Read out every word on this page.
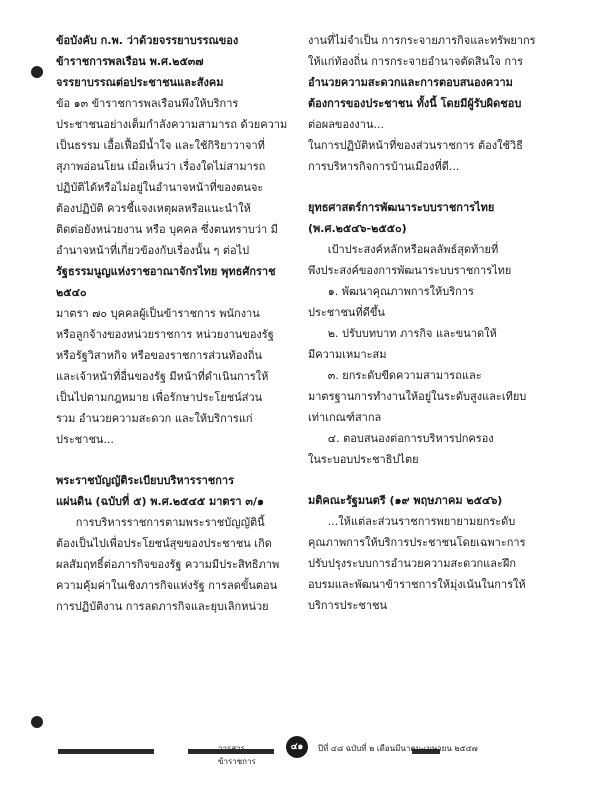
ข้อบังคับ ก.พ. ว่าด้วยจรรยาบรรณของ

ข้าราชการพลเรือน พ.ศ.๒๕๓๗

จรรยาบรรณต่อประชาชนและสังคม

ข้อ ๑๓ ข้าราชการพลเรือนพึงให้บริการ

ประชาชนอย่างเต็มกำลังความสามารถ ด้วยความ

เป็นธรรม เอื้อเฟื้อมีน้ำใจ และใช้กิริยาวาจาที่

สุภาพอ่อนโยน เมื่อเห็นว่า เรื่องใดไม่สามารถ

ปฏิบัติได้หรือไม่อยู่ในอำนาจหน้าที่ของตนจะ

ต้องปฏิบัติ ควรชี้แจงเหตุผลหรือแนะนำให้

ติดต่อยังหน่วยงาน หรือ บุคคล ซึ่งตนทราบว่า มี

อำนาจหน้าที่เกี่ยวข้องกับเรื่องนั้น ๆ ต่อไป

รัฐธรรมนูญแห่งราชอาณาจักรไทย พุทธศักราช

๒๕๔๐

มาตรา ๗๐ บุคคลผู้เป็นข้าราชการ พนักงาน

หรือลูกจ้างของหน่วยราชการ หน่วยงานของรัฐ

หรือรัฐวิสาหกิจ หรือของราชการส่วนท้องถิ่น

และเจ้าหน้าที่อื่นของรัฐ มีหน้าที่ดำเนินการให้

เป็นไปตามกฎหมาย เพื่อรักษาประโยชน์ส่วน

รวม อำนวยความสะดวก และให้บริการแก่

ประชาชน...

พระราชบัญญัติระเบียบบริหารราชการ

แผ่นดิน (ฉบับที่ ๕) พ.ศ.๒๕๔๕ มาตรา ๓/๑

การบริหารราชการตามพระราชบัญญัตินี้

ต้องเป็นไปเพื่อประโยชน์สุขของประชาชน เกิด

ผลสัมฤทธิ์ต่อภารกิจของรัฐ ความมีประสิทธิภาพ

ความคุ้มค่าในเชิงภารกิจแห่งรัฐ การลดขั้นตอน

การปฏิบัติงาน การลดภารกิจและยุบเลิกหน่วย

งานที่ไม่จำเป็น การกระจายภารกิจและทรัพยากร

ให้แก่ท้องถิ่น การกระจายอำนาจตัดสินใจ การ

อำนวยความสะดวกและการตอบสนองความ

ต้องการของประชาชน ทั้งนี้ โดยมีผู้รับผิดชอบ

ต่อผลของงาน...

ในการปฏิบัติหน้าที่ของส่วนราชการ ต้องใช้วิธี

การบริหารกิจการบ้านเมืองที่ดี...

ยุทธศาสตร์การพัฒนาระบบราชการไทย

(พ.ศ.๒๕๔๖-๒๕๕๐)

เป้าประสงค์หลักหรือผลลัพธ์สุดท้ายที่

พึงประสงค์ของการพัฒนาระบบราชการไทย

๑. พัฒนาคุณภาพการให้บริการ

ประชาชนที่ดีขึ้น

๒. ปรับบทบาท ภารกิจ และขนาดให้

มีความเหมาะสม

๓. ยกระดับขีดความสามารถและ

มาตรฐานการทำงานให้อยู่ในระดับสูงและเทียบ

เท่าเกณฑ์สากล

๔. ตอบสนองต่อการบริหารปกครอง

ในระบอบประชาธิปไตย

มติคณะรัฐมนตรี (๑๙ พฤษภาคม ๒๕๔๖)

...ให้แต่ละส่วนราชการพยายามยกระดับ

คุณภาพการให้บริการประชาชนโดยเฉพาะการ

ปรับปรุงระบบการอำนวยความสะดวกและฝึก

อบรมและพัฒนาข้าราชการให้มุ่งเน้นในการให้

บริการประชาชน

วารสารข้าราชการ
๔๑	ปีที่ ๔๘ ฉบับที่ ๒ เดือนมีนาคม-เมษายน ๒๕๔๗
